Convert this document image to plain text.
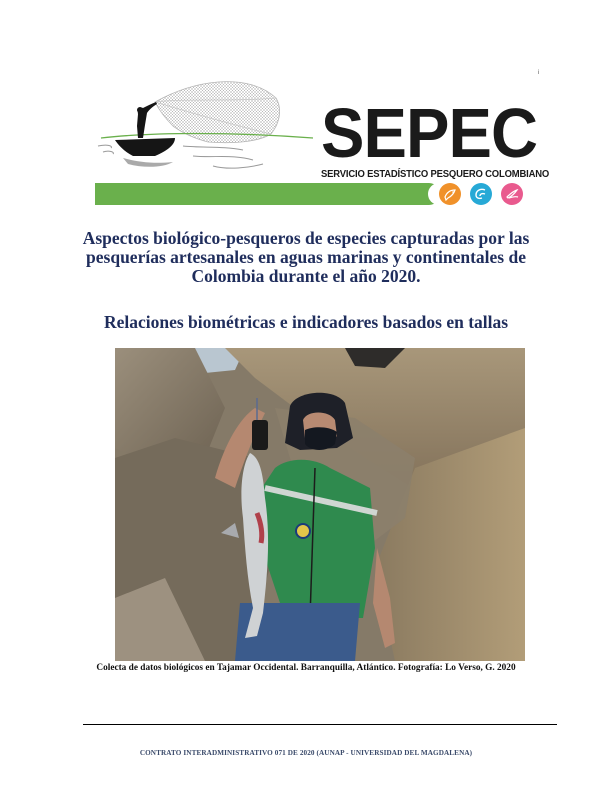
i
SEPEC
SERVICIO ESTADÍSTICO PESQUERO COLOMBIANO
Aspectos biológico-pesqueros de especies capturadas por las
pesquerías artesanales en aguas marinas y continentales de
Colombia durante el año 2020.
Relaciones biométricas e indicadores basados en tallas
Colecta de datos biológicos en Tajamar Occidental. Barranquilla, Atlántico. Fotografía: Lo Verso, G. 2020
CONTRATO INTERADMINISTRATIVO 071 DE 2020 (AUNAP - UNIVERSIDAD DEL MAGDALENA)
